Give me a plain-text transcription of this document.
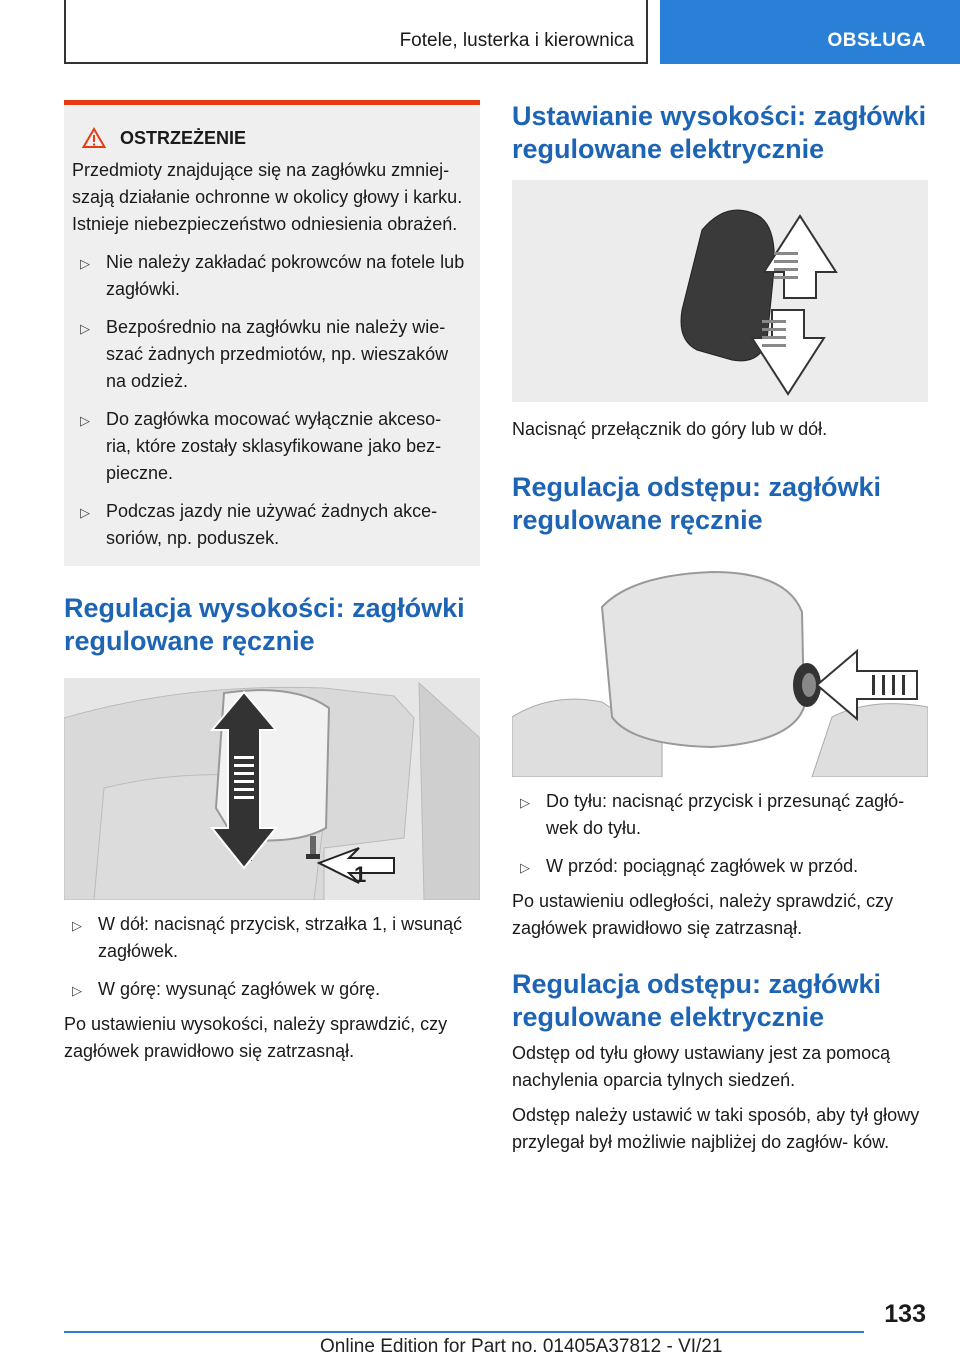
Fotele, lusterka i kierownica	OBSŁUGA
OSTRZEŻENIE

Przedmioty znajdujące się na zagłówku zmniej- szają działanie ochronne w okolicy głowy i karku. Istnieje niebezpieczeństwo odniesienia obrażeń.

▷ Nie należy zakładać pokrowców na fotele lub zagłówki.
▷ Bezpośrednio na zagłówku nie należy wie- szać żadnych przedmiotów, np. wieszaków na odzież.
▷ Do zagłówka mocować wyłącznie akceso- ria, które zostały sklasyfikowane jako bez- pieczne.
▷ Podczas jazdy nie używać żadnych akce- soriów, np. poduszek.
Regulacja wysokości: zagłówki regulowane ręcznie
1
▷ W dół: nacisnąć przycisk, strzałka 1, i wsunąć zagłówek.
▷ W górę: wysunąć zagłówek w górę.

Po ustawieniu wysokości, należy sprawdzić, czy zagłówek prawidłowo się zatrzasnął.

Ustawianie wysokości: zagłówki regulowane elektrycznie

Nacisnąć przełącznik do góry lub w dół.

Regulacja odstępu: zagłówki regulowane ręcznie
▷ Do tyłu: nacisnąć przycisk i przesunąć zagłó- wek do tyłu.
▷ W przód: pociągnąć zagłówek w przód.

Po ustawieniu odległości, należy sprawdzić, czy zagłówek prawidłowo się zatrzasnął.

Regulacja odstępu: zagłówki regulowane elektrycznie

Odstęp od tyłu głowy ustawiany jest za pomocą nachylenia oparcia tylnych siedzeń.

Odstęp należy ustawić w taki sposób, aby tył głowy przylegał był możliwie najbliżej do zagłów- ków.

133
Online Edition for Part no. 01405A37812 - VI/21
